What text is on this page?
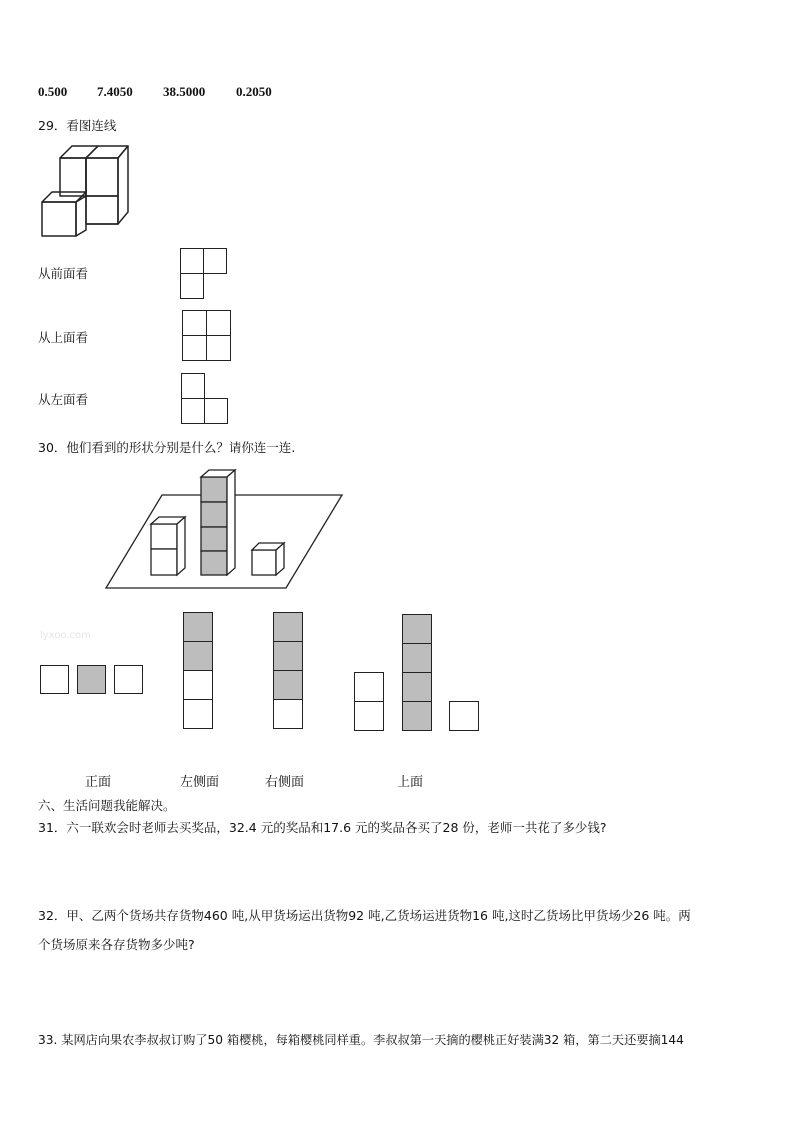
0.500 7.4050 38.5000 0.2050
29．看图连线
从前面看
从上面看
从左面看
30．他们看到的形状分别是什么？请你连一连.
lyxoo.com
正面	左侧面	右侧面	上面
六、生活问题我能解决。
31．六一联欢会时老师去买奖品，32.4 元的奖品和17.6 元的奖品各买了28 份，老师一共花了多少钱?
32．甲、乙两个货场共存货物460 吨,从甲货场运出货物92 吨,乙货场运进货物16 吨,这时乙货场比甲货场少26 吨。两
个货场原来各存货物多少吨?
33. 某网店向果农李叔叔订购了50 箱樱桃，每箱樱桃同样重。李叔叔第一天摘的樱桃正好装满32 箱，第二天还要摘144
